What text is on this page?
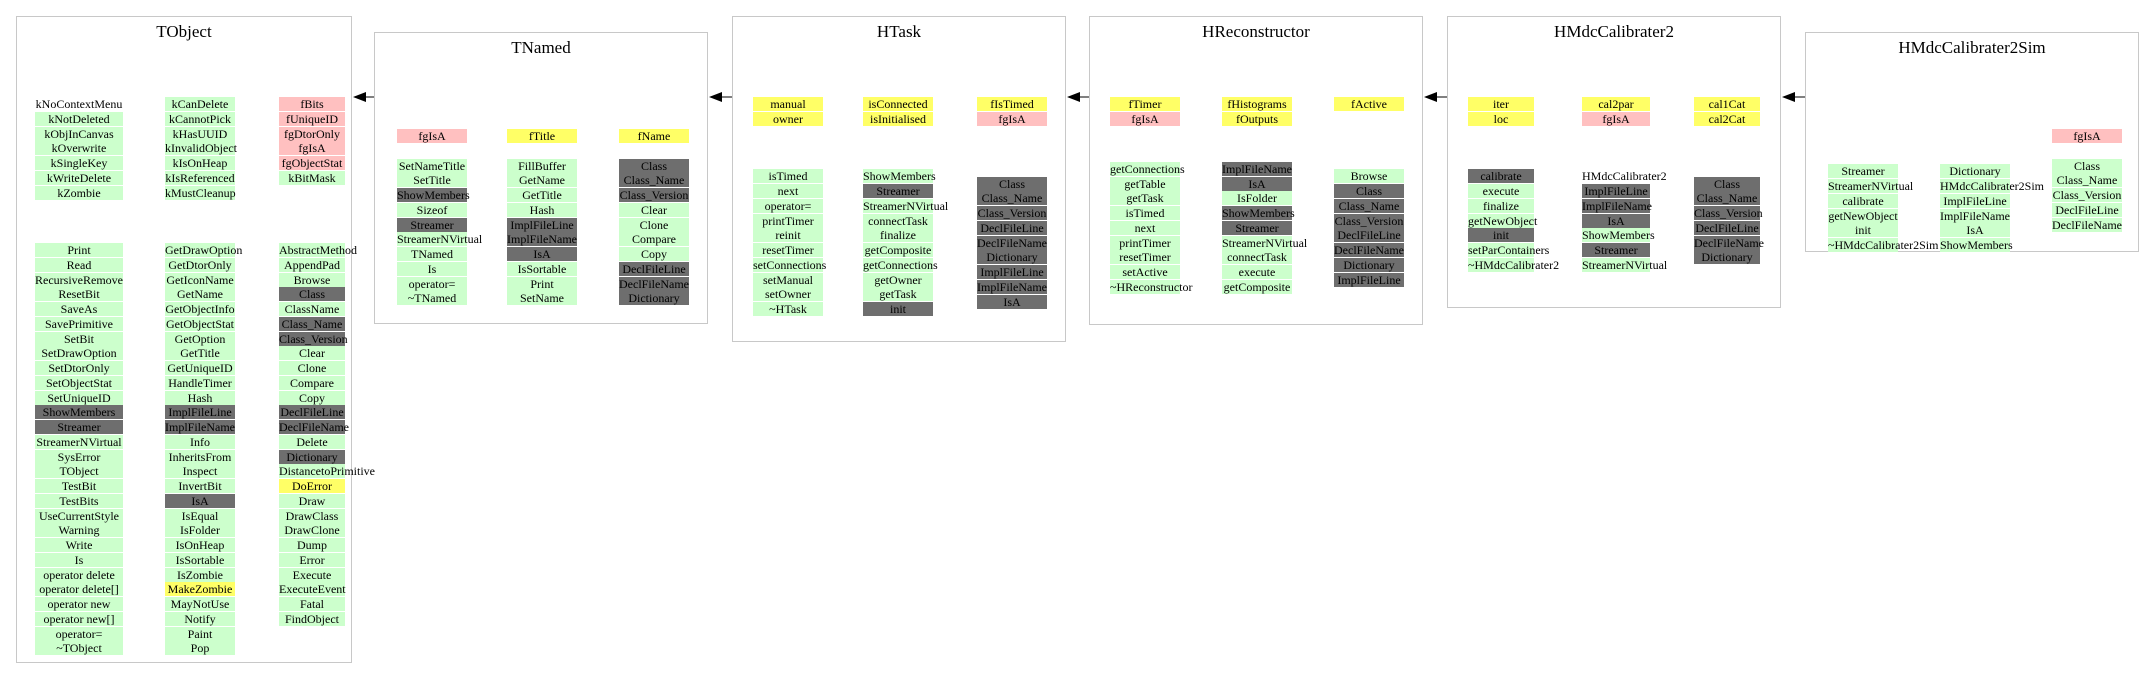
TObject
kNoContextMenu
kNotDeleted
kObjInCanvas
kOverwrite
kSingleKey
kWriteDelete
kZombie
Print
Read
RecursiveRemove
ResetBit
SaveAs
SavePrimitive
SetBit
SetDrawOption
SetDtorOnly
SetObjectStat
SetUniqueID
ShowMembers
Streamer
StreamerNVirtual
SysError
TObject
TestBit
TestBits
UseCurrentStyle
Warning
Write
Is
operator delete
operator delete[]
operator new
operator new[]
operator=
~TObject
kCanDelete
kCannotPick
kHasUUID
kInvalidObject
kIsOnHeap
kIsReferenced
kMustCleanup
GetDrawOption
GetDtorOnly
GetIconName
GetName
GetObjectInfo
GetObjectStat
GetOption
GetTitle
GetUniqueID
HandleTimer
Hash
ImplFileLine
ImplFileName
Info
InheritsFrom
Inspect
InvertBit
IsA
IsEqual
IsFolder
IsOnHeap
IsSortable
IsZombie
MakeZombie
MayNotUse
Notify
Paint
Pop
fBits
fUniqueID
fgDtorOnly
fgIsA
fgObjectStat
kBitMask
AbstractMethod
AppendPad
Browse
Class
ClassName
Class_Name
Class_Version
Clear
Clone
Compare
Copy
DeclFileLine
DeclFileName
Delete
Dictionary
DistancetoPrimitive
DoError
Draw
DrawClass
DrawClone
Dump
Error
Execute
ExecuteEvent
Fatal
FindObject
TNamed
fgIsA
SetNameTitle
SetTitle
ShowMembers
Sizeof
Streamer
StreamerNVirtual
TNamed
Is
operator=
~TNamed
fTitle
FillBuffer
GetName
GetTitle
Hash
ImplFileLine
ImplFileName
IsA
IsSortable
Print
SetName
fName
Class
Class_Name
Class_Version
Clear
Clone
Compare
Copy
DeclFileLine
DeclFileName
Dictionary
HTask
manual
owner
isTimed
next
operator=
printTimer
reinit
resetTimer
setConnections
setManual
setOwner
~HTask
isConnected
isInitialised
ShowMembers
Streamer
StreamerNVirtual
connectTask
finalize
getComposite
getConnections
getOwner
getTask
init
fIsTimed
fgIsA
Class
Class_Name
Class_Version
DeclFileLine
DeclFileName
Dictionary
ImplFileLine
ImplFileName
IsA
HReconstructor
fTimer
fgIsA
getConnections
getTable
getTask
isTimed
next
printTimer
resetTimer
setActive
~HReconstructor
fHistograms
fOutputs
ImplFileName
IsA
IsFolder
ShowMembers
Streamer
StreamerNVirtual
connectTask
execute
getComposite
fActive
Browse
Class
Class_Name
Class_Version
DeclFileLine
DeclFileName
Dictionary
ImplFileLine
HMdcCalibrater2
iter
loc
calibrate
execute
finalize
getNewObject
init
setParContainers
~HMdcCalibrater2
cal2par
fgIsA
HMdcCalibrater2
ImplFileLine
ImplFileName
IsA
ShowMembers
Streamer
StreamerNVirtual
cal1Cat
cal2Cat
Class
Class_Name
Class_Version
DeclFileLine
DeclFileName
Dictionary
HMdcCalibrater2Sim
Streamer
StreamerNVirtual
calibrate
getNewObject
init
~HMdcCalibrater2Sim
Dictionary
HMdcCalibrater2Sim
ImplFileLine
ImplFileName
IsA
ShowMembers
fgIsA
Class
Class_Name
Class_Version
DeclFileLine
DeclFileName
